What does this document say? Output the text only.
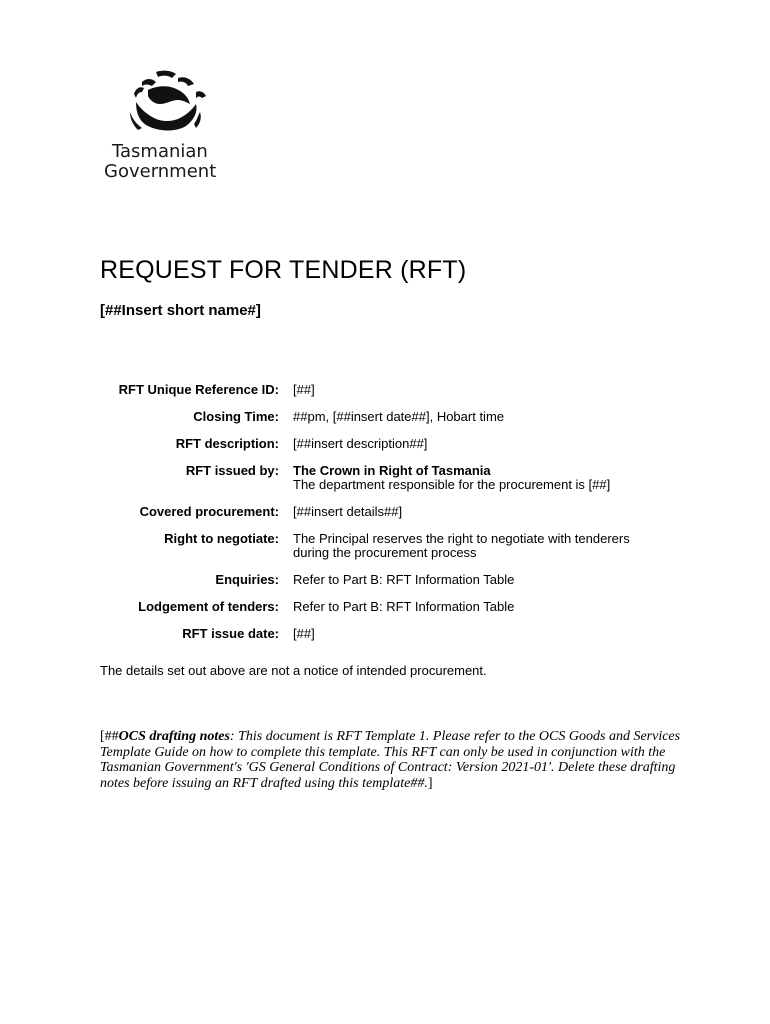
Tasmanian
Government
REQUEST FOR TENDER (RFT)
[##Insert short name#]
RFT Unique Reference ID:	[##]
Closing Time:	##pm, [##insert date##], Hobart time
RFT description:	[##insert description##]
RFT issued by: The Crown in Right of Tasmania
The department responsible for the procurement is [##]
Covered procurement:	[##insert details##]
Right to negotiate: The Principal reserves the right to negotiate with tenderers
during the procurement process
Enquiries:	Refer to Part B: RFT Information Table
Lodgement of tenders:	Refer to Part B: RFT Information Table
RFT issue date:	[##]
The details set out above are not a notice of intended procurement.
[##OCS drafting notes: This document is RFT Template 1. Please refer to the OCS Goods and Services Template Guide on how to complete this template. This RFT can only be used in conjunction with the Tasmanian Government's 'GS General Conditions of Contract: Version 2021-01'. Delete these drafting notes before issuing an RFT drafted using this template##.]
